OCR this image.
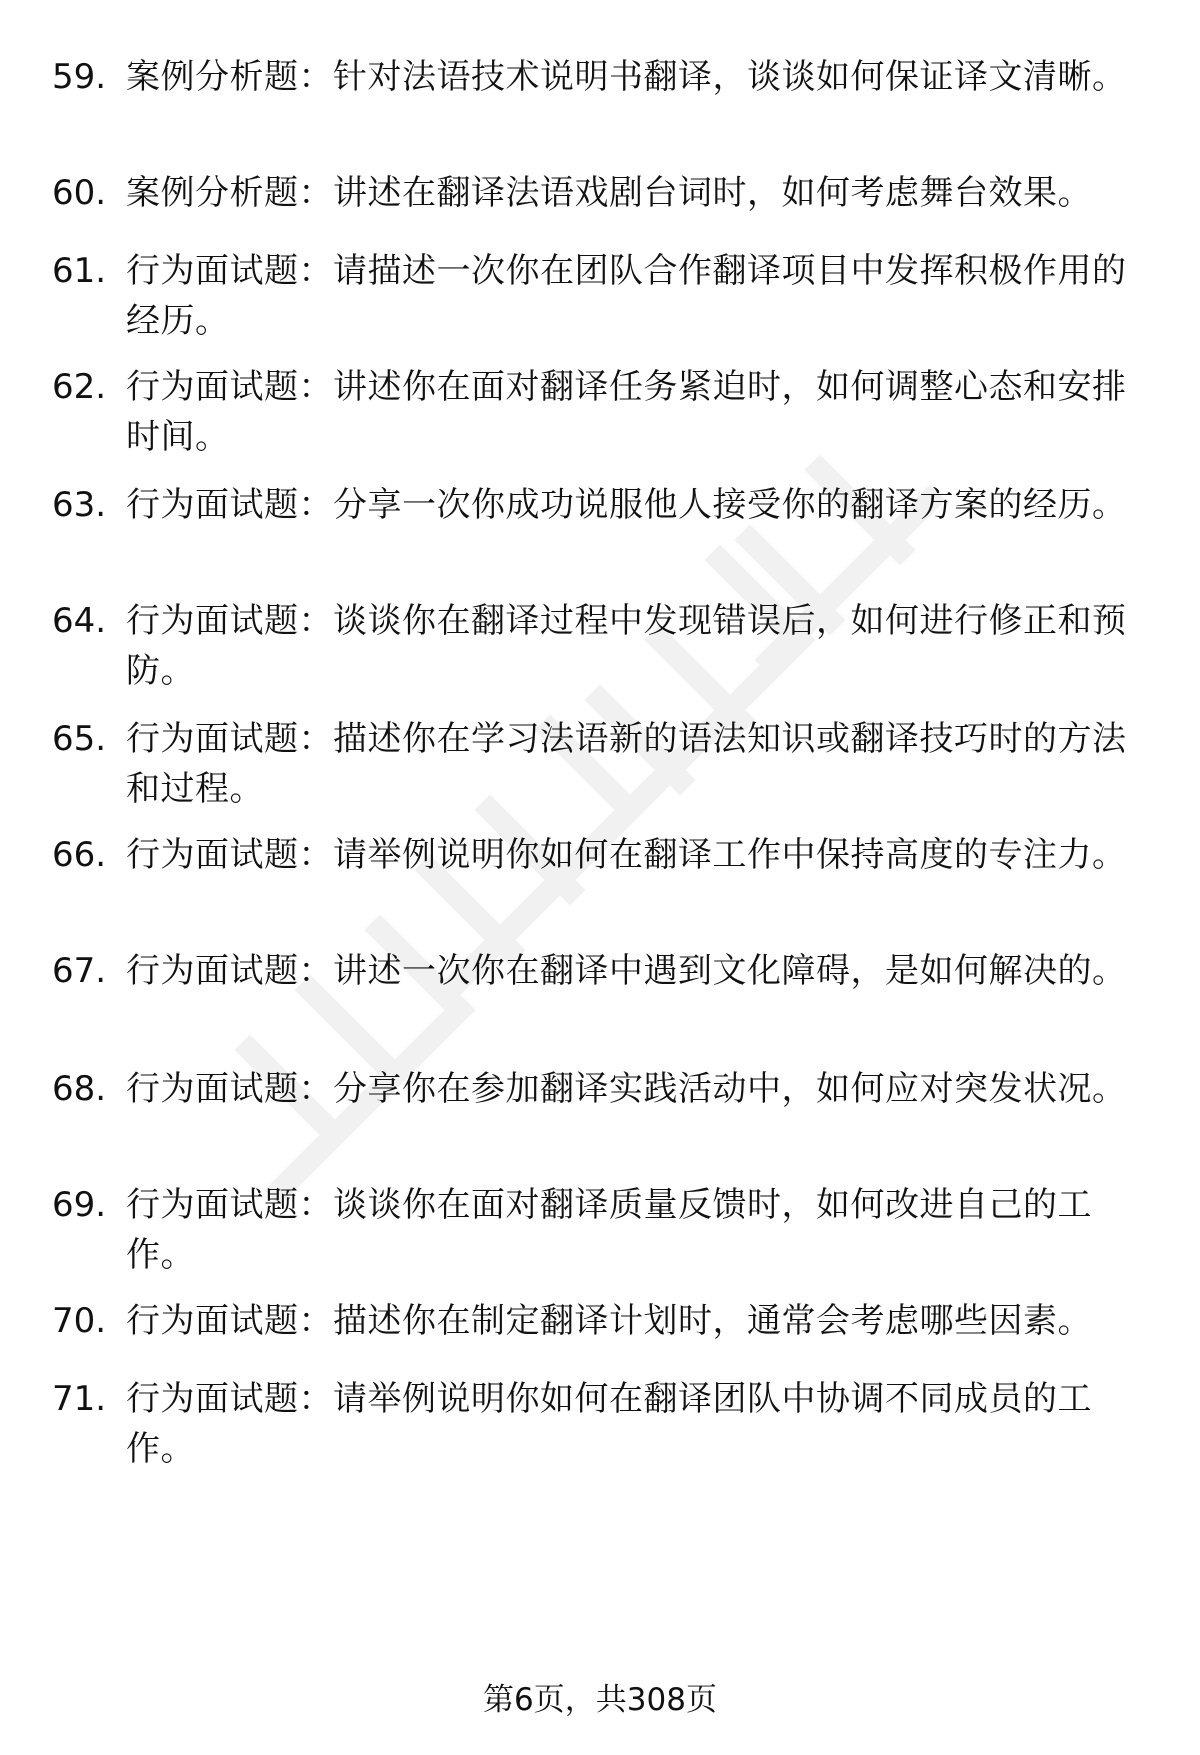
59. 案例分析题：针对法语技术说明书翻译，谈谈如何保证译文清晰。
60. 案例分析题：讲述在翻译法语戏剧台词时，如何考虑舞台效果。
61. 行为面试题：请描述一次你在团队合作翻译项目中发挥积极作用的经历。
62. 行为面试题：讲述你在面对翻译任务紧迫时，如何调整心态和安排时间。
63. 行为面试题：分享一次你成功说服他人接受你的翻译方案的经历。
64. 行为面试题：谈谈你在翻译过程中发现错误后，如何进行修正和预防。
65. 行为面试题：描述你在学习法语新的语法知识或翻译技巧时的方法和过程。
66. 行为面试题：请举例说明你如何在翻译工作中保持高度的专注力。
67. 行为面试题：讲述一次你在翻译中遇到文化障碍，是如何解决的。
68. 行为面试题：分享你在参加翻译实践活动中，如何应对突发状况。
69. 行为面试题：谈谈你在面对翻译质量反馈时，如何改进自己的工作。
70. 行为面试题：描述你在制定翻译计划时，通常会考虑哪些因素。
71. 行为面试题：请举例说明你如何在翻译团队中协调不同成员的工作。
第6页，共308页
